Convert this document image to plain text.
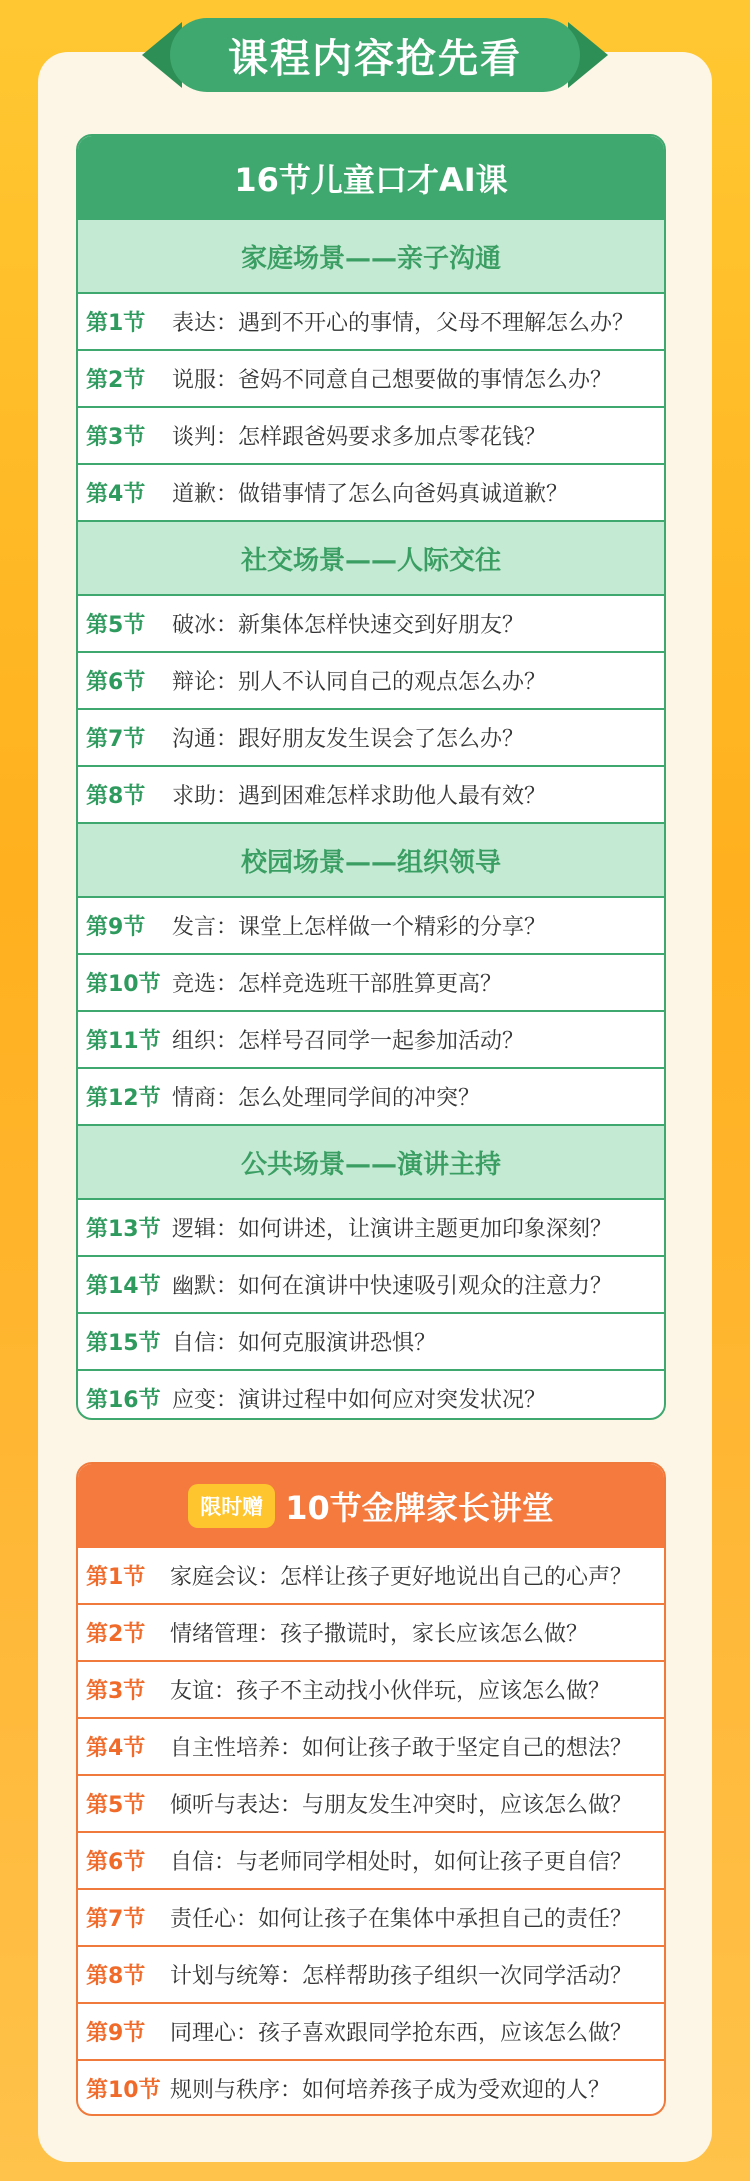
课程内容抢先看
16节儿童口才AI课
家庭场景——亲子沟通
第1节	表达：遇到不开心的事情，父母不理解怎么办？
第2节	说服：爸妈不同意自己想要做的事情怎么办？
第3节	谈判：怎样跟爸妈要求多加点零花钱？
第4节	道歉：做错事情了怎么向爸妈真诚道歉？
社交场景——人际交往
第5节	破冰：新集体怎样快速交到好朋友？
第6节	辩论：别人不认同自己的观点怎么办？
第7节	沟通：跟好朋友发生误会了怎么办？
第8节	求助：遇到困难怎样求助他人最有效？
校园场景——组织领导
第9节	发言：课堂上怎样做一个精彩的分享？
第10节 竞选：怎样竞选班干部胜算更高？
第11节 组织：怎样号召同学一起参加活动？
第12节 情商：怎么处理同学间的冲突？
公共场景——演讲主持
第13节 逻辑：如何讲述，让演讲主题更加印象深刻？
第14节 幽默：如何在演讲中快速吸引观众的注意力？
第15节 自信：如何克服演讲恐惧？
第16节 应变：演讲过程中如何应对突发状况？
限时赠 10节金牌家长讲堂
第1节	家庭会议：怎样让孩子更好地说出自己的心声？
第2节	情绪管理：孩子撒谎时，家长应该怎么做？
第3节	友谊：孩子不主动找小伙伴玩，应该怎么做？
第4节	自主性培养：如何让孩子敢于坚定自己的想法？
第5节	倾听与表达：与朋友发生冲突时，应该怎么做？
第6节	自信：与老师同学相处时，如何让孩子更自信？
第7节	责任心：如何让孩子在集体中承担自己的责任？
第8节	计划与统筹：怎样帮助孩子组织一次同学活动？
第9节	同理心：孩子喜欢跟同学抢东西，应该怎么做？
第10节 规则与秩序：如何培养孩子成为受欢迎的人？
